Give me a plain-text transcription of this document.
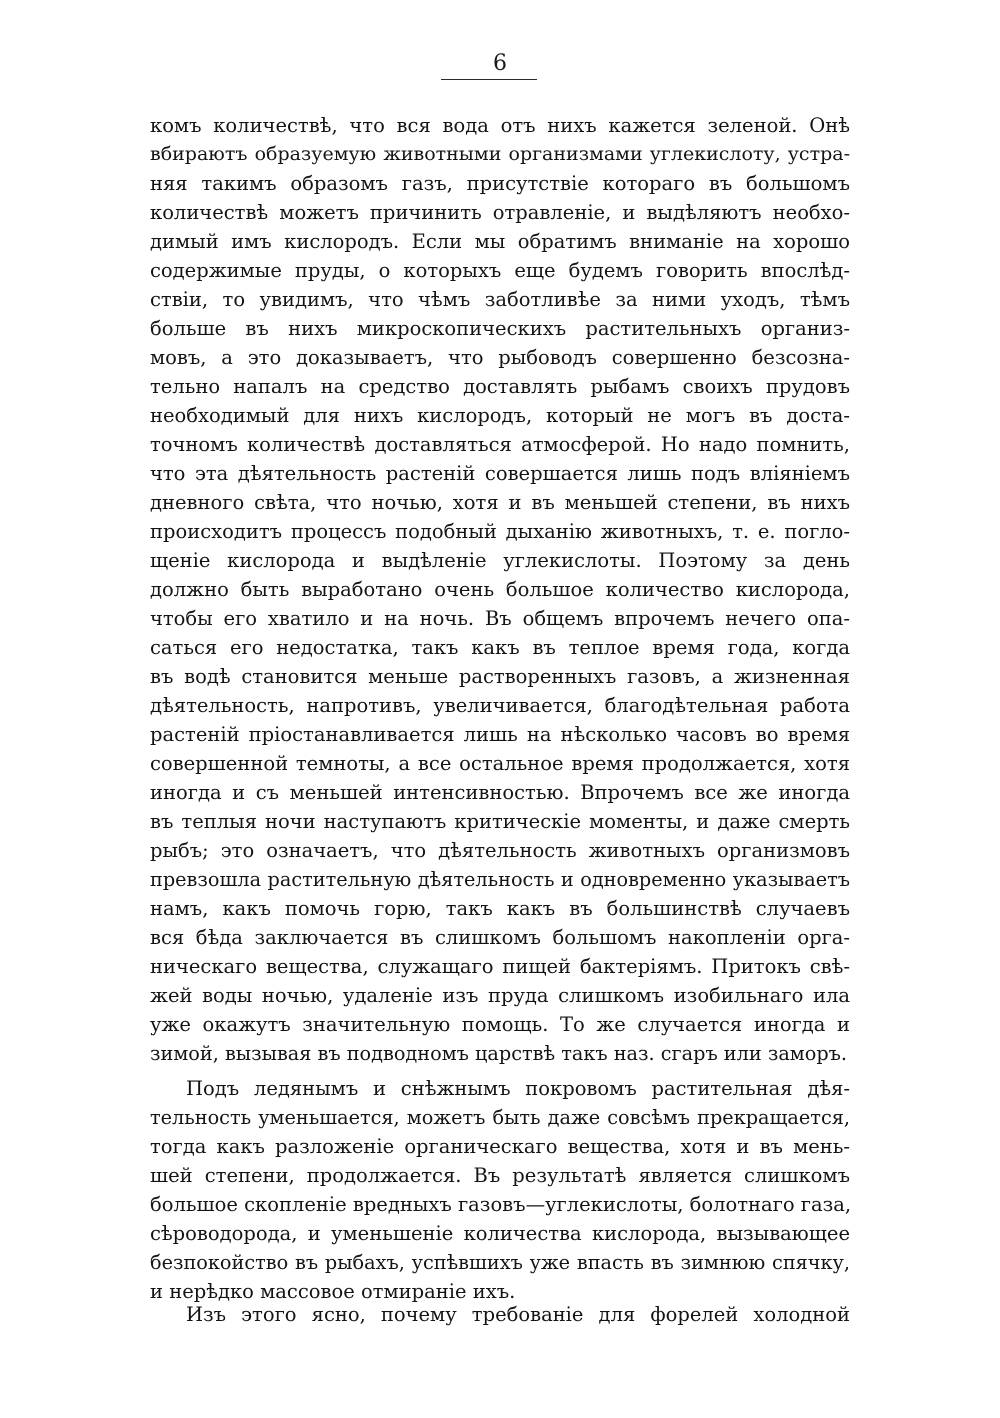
6
комъ количествѣ, что вся вода отъ нихъ кажется зеленой. Онѣ
вбираютъ образуемую животными организмами углекислоту, устра-
няя такимъ образомъ газъ, присутствіе котораго въ большомъ
количествѣ можетъ причинить отравленіе, и выдѣляютъ необхо-
димый имъ кислородъ. Если мы обратимъ вниманіе на хорошо
содержимые пруды, о которыхъ еще будемъ говорить впослѣд-
ствіи, то увидимъ, что чѣмъ заботливѣе за ними уходъ, тѣмъ
больше въ нихъ микроскопическихъ растительныхъ организ-
мовъ, а это доказываетъ, что рыбоводъ совершенно безсозна-
тельно напалъ на средство доставлять рыбамъ своихъ прудовъ
необходимый для нихъ кислородъ, который не могъ въ доста-
точномъ количествѣ доставляться атмосферой. Но надо помнить,
что эта дѣятельность растеній совершается лишь подъ вліяніемъ
дневного свѣта, что ночью, хотя и въ меньшей степени, въ нихъ
происходитъ процессъ подобный дыханію животныхъ, т. е. погло-
щеніе кислорода и выдѣленіе углекислоты. Поэтому за день
должно быть выработано очень большое количество кислорода,
чтобы его хватило и на ночь. Въ общемъ впрочемъ нечего опа-
саться его недостатка, такъ какъ въ теплое время года, когда
въ водѣ становится меньше растворенныхъ газовъ, а жизненная
дѣятельность, напротивъ, увеличивается, благодѣтельная работа
растеній пріостанавливается лишь на нѣсколько часовъ во время
совершенной темноты, а все остальное время продолжается, хотя
иногда и съ меньшей интенсивностью. Впрочемъ все же иногда
въ теплыя ночи наступаютъ критическіе моменты, и даже смерть
рыбъ; это означаетъ, что дѣятельность животныхъ организмовъ
превзошла растительную дѣятельность и одновременно указываетъ
намъ, какъ помочь горю, такъ какъ въ большинствѣ случаевъ
вся бѣда заключается въ слишкомъ большомъ накопленіи орга-
ническаго вещества, служащаго пищей бактеріямъ. Притокъ свѣ-
жей воды ночью, удаленіе изъ пруда слишкомъ изобильнаго ила
уже окажутъ значительную помощь. То же случается иногда и
зимой, вызывая въ подводномъ царствѣ такъ наз. сгаръ или заморъ.
Подъ ледянымъ и снѣжнымъ покровомъ растительная дѣя-
тельность уменьшается, можетъ быть даже совсѣмъ прекращается,
тогда какъ разложеніе органическаго вещества, хотя и въ мень-
шей степени, продолжается. Въ результатѣ является слишкомъ
большое скопленіе вредныхъ газовъ—углекислоты, болотнаго газа,
сѣроводорода, и уменьшеніе количества кислорода, вызывающее
безпокойство въ рыбахъ, успѣвшихъ уже впасть въ зимнюю спячку,
и нерѣдко массовое отмираніе ихъ.
Изъ этого ясно, почему требованіе для форелей холодной
